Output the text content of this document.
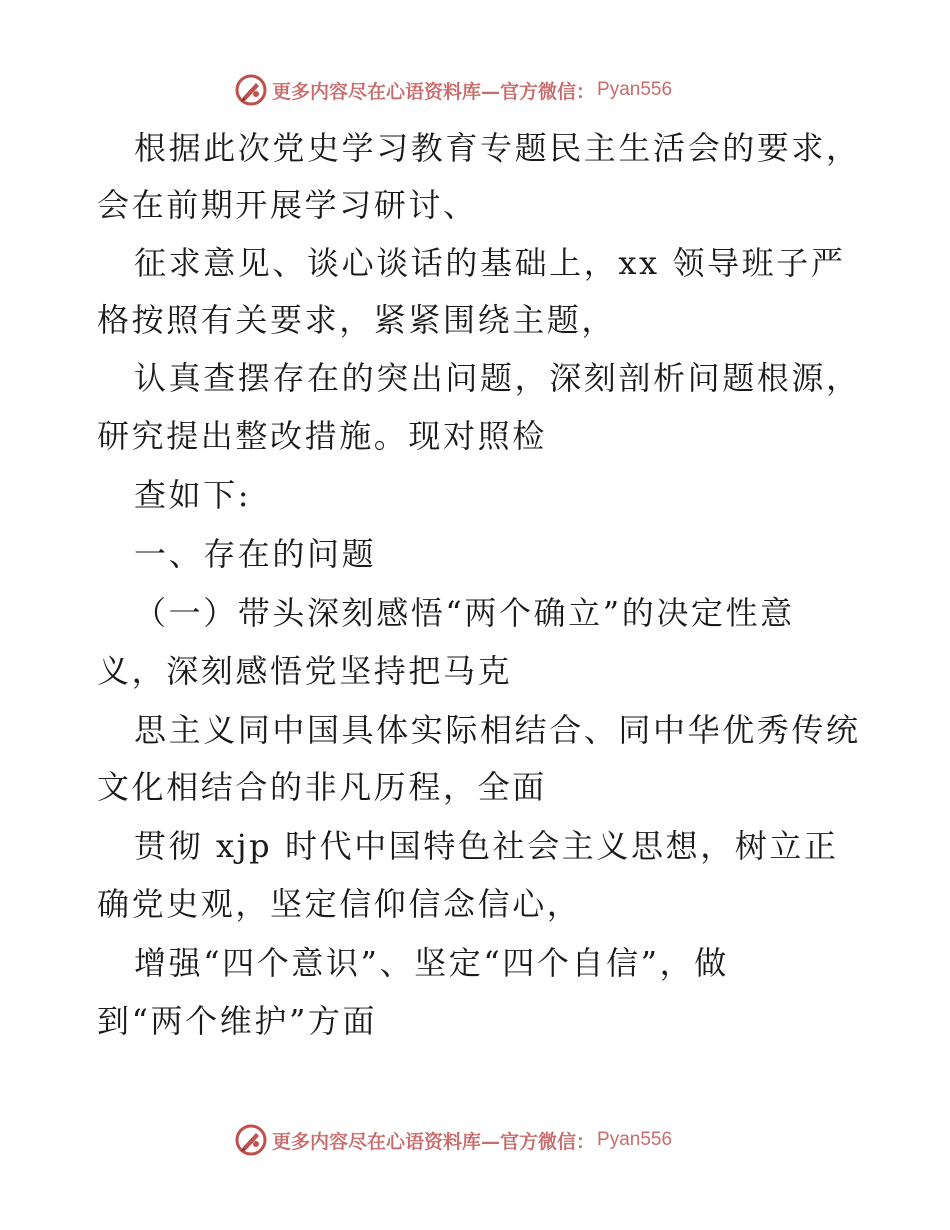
更多内容尽在心语资料库—官方微信： Pyan556
根据此次党史学习教育专题民主生活会的要求，
会在前期开展学习研讨、
征求意见、谈心谈话的基础上，xx 领导班子严
格按照有关要求，紧紧围绕主题，
认真查摆存在的突出问题，深刻剖析问题根源，
研究提出整改措施。现对照检
查如下:
一、存在的问题
（一）带头深刻感悟“两个确立”的决定性意
义，深刻感悟党坚持把马克
思主义同中国具体实际相结合、同中华优秀传统
文化相结合的非凡历程，全面
贯彻 xjp 时代中国特色社会主义思想，树立正
确党史观，坚定信仰信念信心，
增强“四个意识”、坚定“四个自信”，做
到“两个维护”方面
更多内容尽在心语资料库—官方微信： Pyan556
